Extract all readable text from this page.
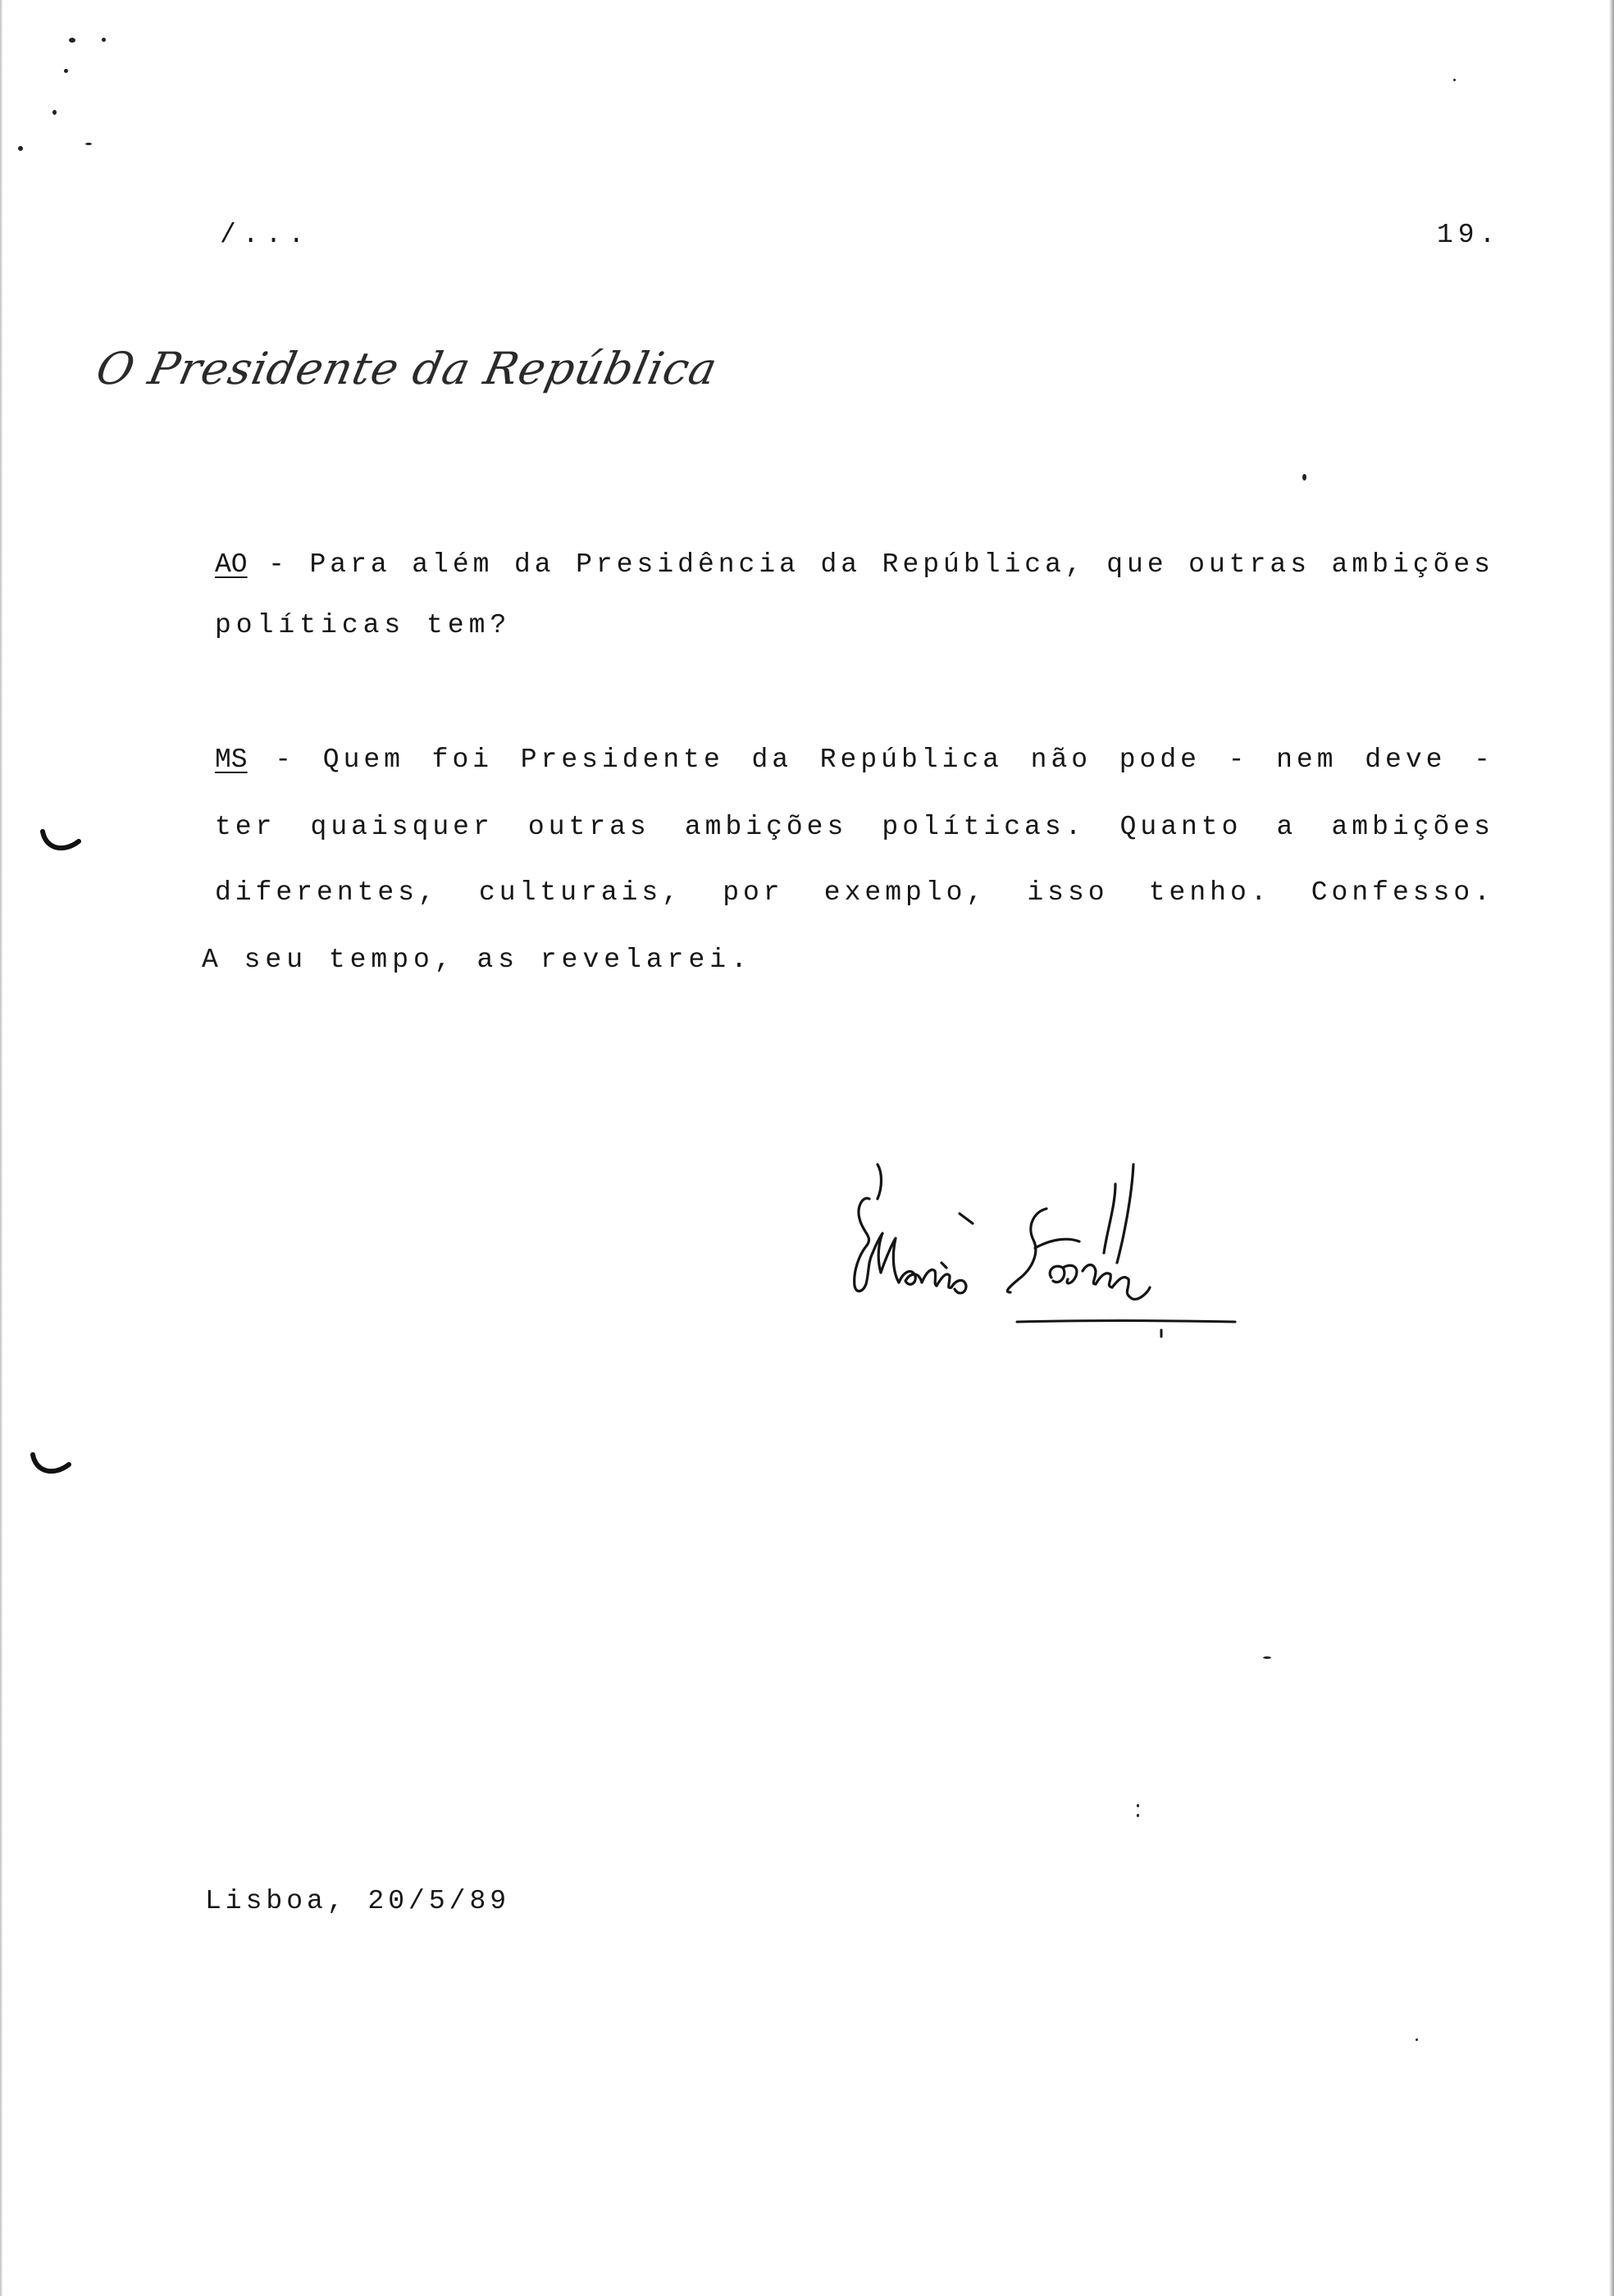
/...	19.
O Presidente da República
AO - Para além da Presidência da República, que outras ambições
políticas tem?
MS - Quem foi Presidente da República não pode - nem deve -
ter quaisquer outras ambições políticas. Quanto a ambições
diferentes, culturais, por exemplo, isso tenho. Confesso.
A seu tempo, as revelarei.
Lisboa, 20/5/89
